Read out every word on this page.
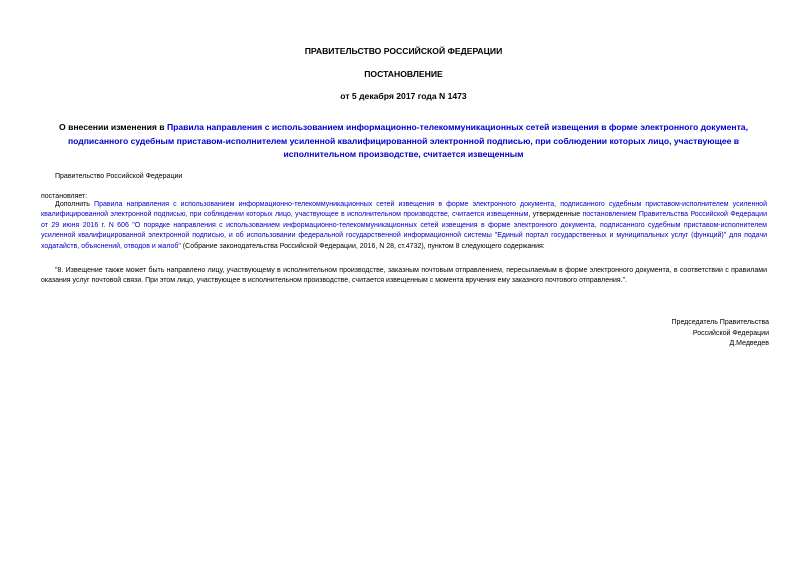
ПРАВИТЕЛЬСТВО РОССИЙСКОЙ ФЕДЕРАЦИИ
ПОСТАНОВЛЕНИЕ
от 5 декабря 2017 года N 1473
О внесении изменения в Правила направления с использованием информационно-телекоммуникационных сетей извещения в форме электронного документа, подписанного судебным приставом-исполнителем усиленной квалифицированной электронной подписью, при соблюдении которых лицо, участвующее в исполнительном производстве, считается извещенным
Правительство Российской Федерации
постановляет:
Дополнить Правила направления с использованием информационно-телекоммуникационных сетей извещения в форме электронного документа, подписанного судебным приставом-исполнителем усиленной квалифицированной электронной подписью, при соблюдении которых лицо, участвующее в исполнительном производстве, считается извещенным, утвержденные постановлением Правительства Российской Федерации от 29 июня 2016 г. N 606 "О порядке направления с использованием информационно-телекоммуникационных сетей извещения в форме электронного документа, подписанного судебным приставом-исполнителем усиленной квалифицированной электронной подписью, и об использовании федеральной государственной информационной системы "Единый портал государственных и муниципальных услуг (функций)" для подачи ходатайств, объяснений, отводов и жалоб" (Собрание законодательства Российской Федерации, 2016, N 28, ст.4732), пунктом 8 следующего содержания:
"8. Извещение также может быть направлено лицу, участвующему в исполнительном производстве, заказным почтовым отправлением, пересылаемым в форме электронного документа, в соответствии с правилами оказания услуг почтовой связи. При этом лицо, участвующее в исполнительном производстве, считается извещенным с момента вручения ему заказного почтового отправления.".
Председатель Правительства
Российской Федерации
Д.Медведев
